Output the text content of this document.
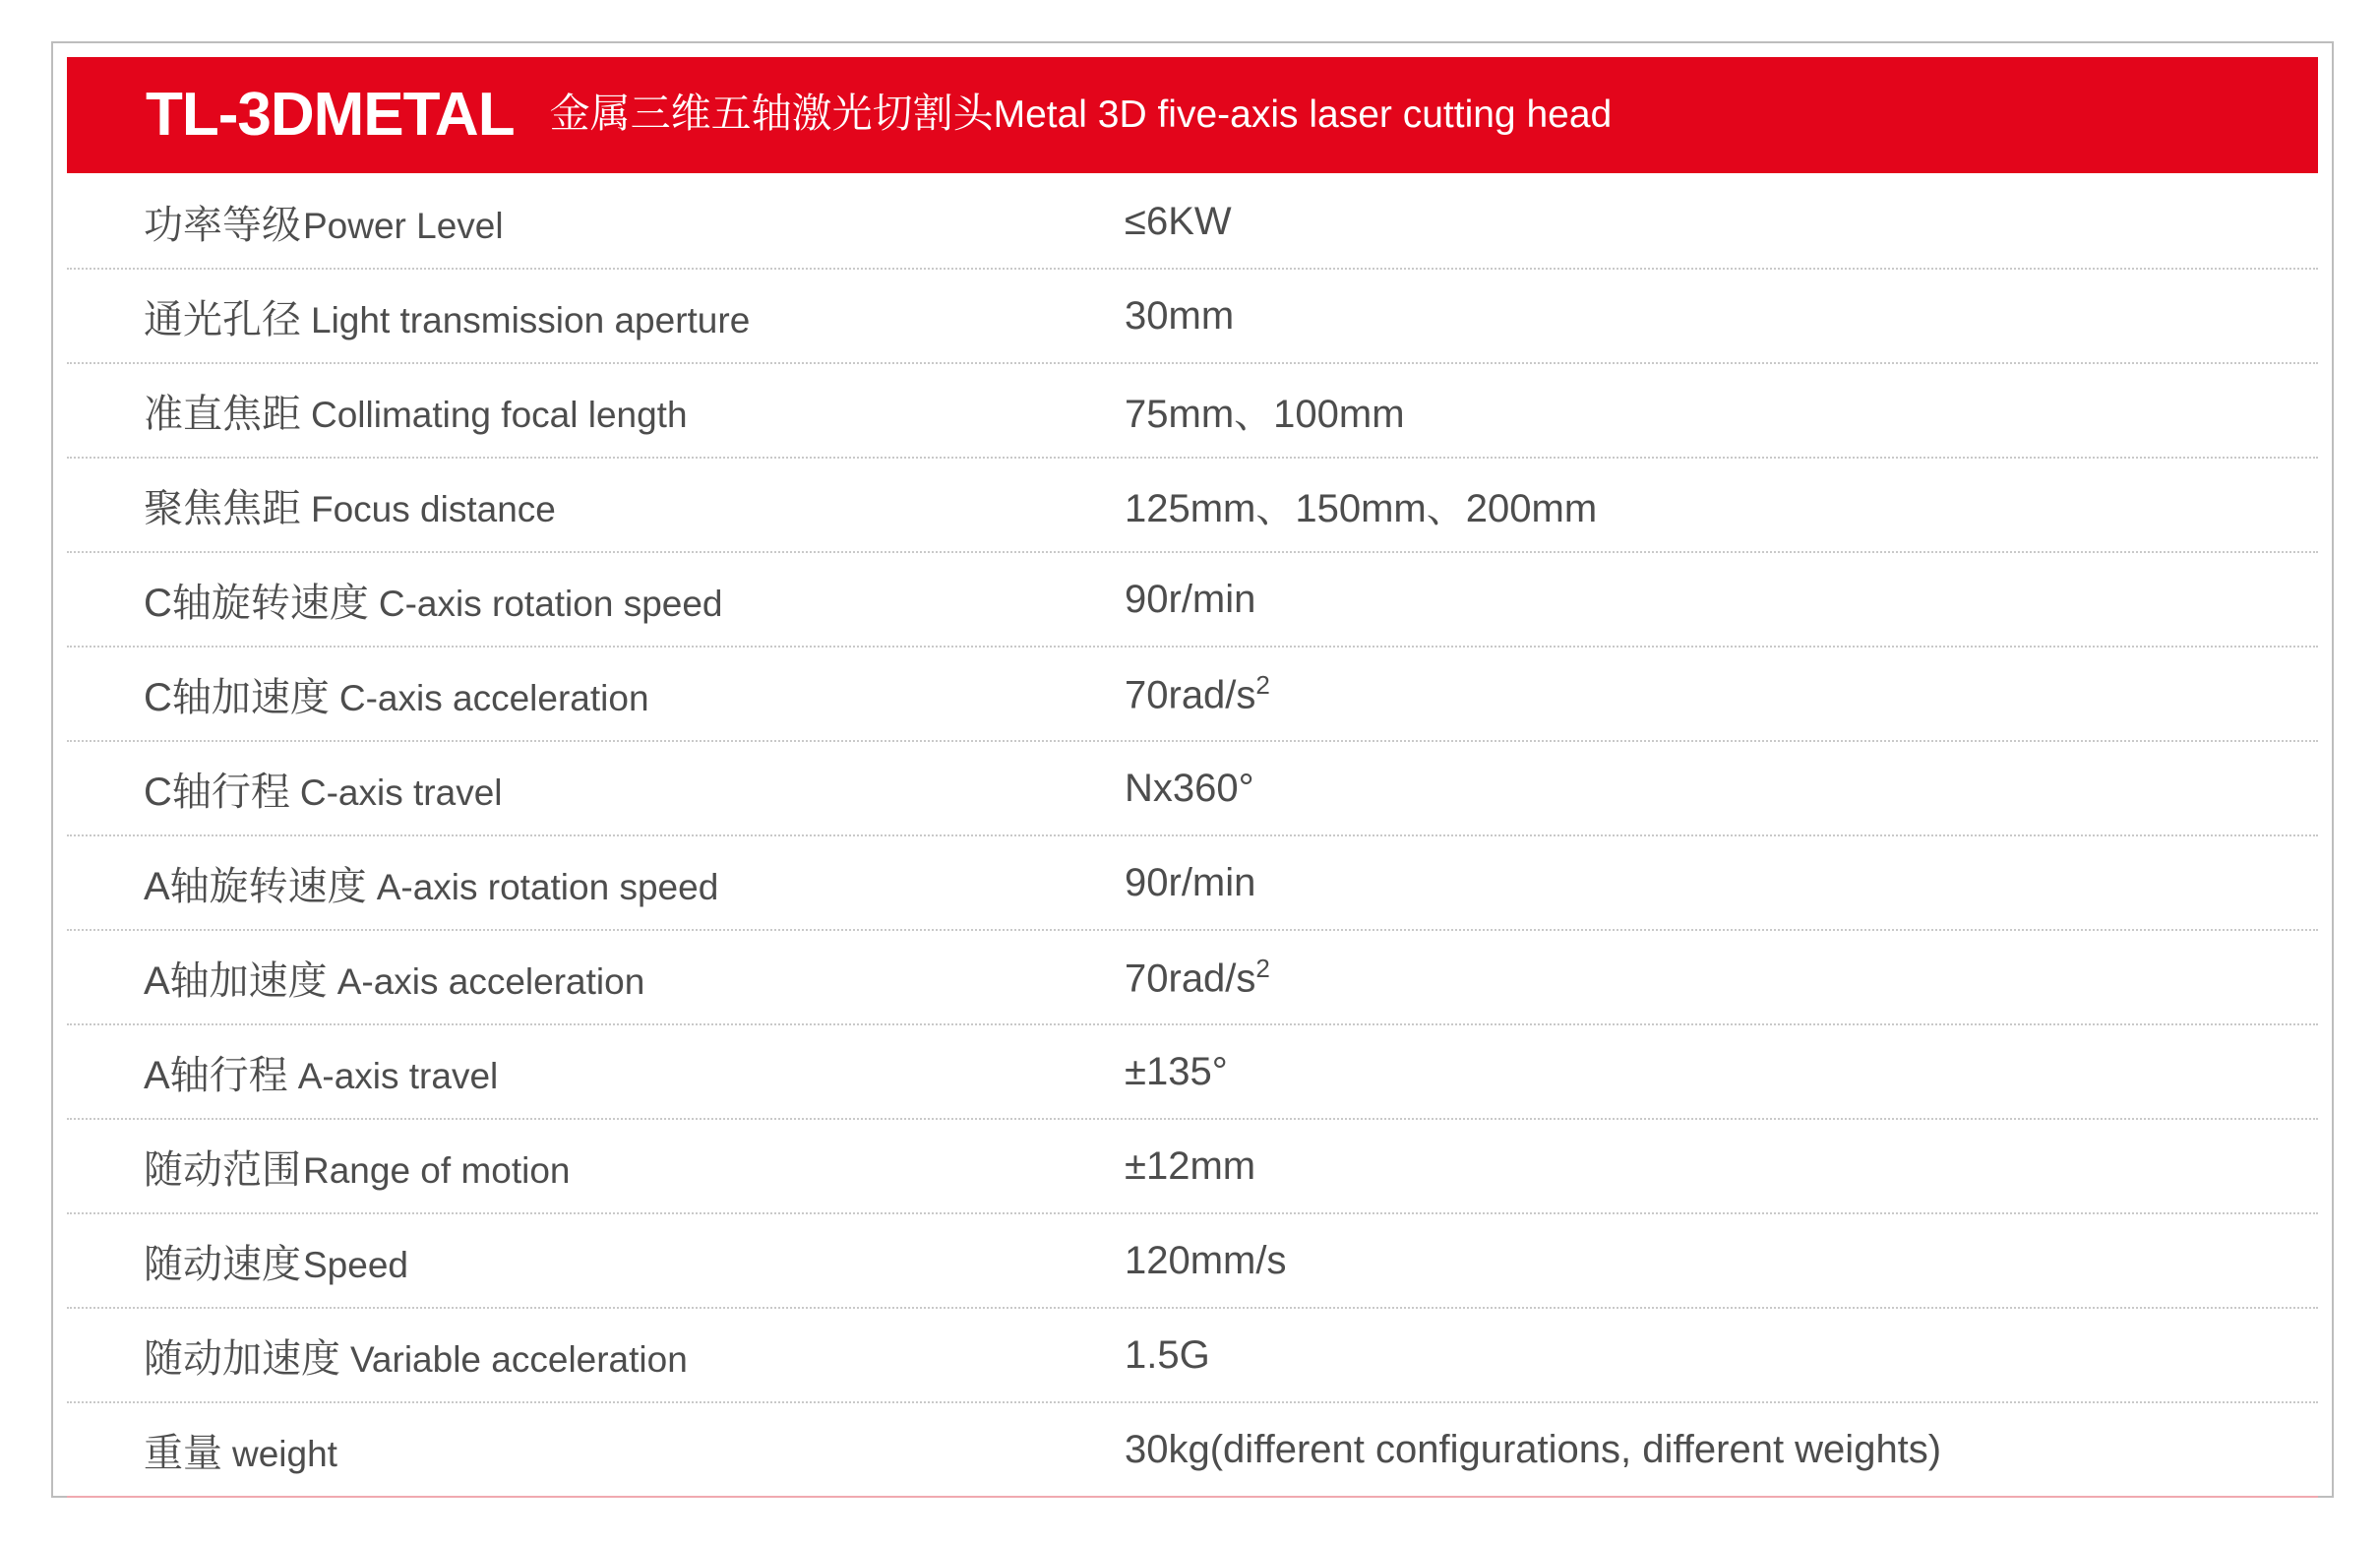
TL-3DMETAL 金属三维五轴激光切割头Metal 3D five-axis laser cutting head
功率等级 Power Level	≤6KW
通光孔径 Light transmission aperture	30mm
准直焦距 Collimating focal length	75mm、100mm
聚焦焦距 Focus distance	125mm、150mm、200mm
C轴旋转速度 C-axis rotation speed	90r/min
C轴加速度 C-axis acceleration	$70rad/s^2$
C轴行程 C-axis travel	Nx360°
A轴旋转速度 A-axis rotation speed	90r/min
A轴加速度 A-axis acceleration	$70rad/s^2$
A轴行程 A-axis travel	±135°
随动范围 Range of motion	±12mm
随动速度 Speed	120mm/s
随动加速度 Variable acceleration	1.5G
重量 weight	30kg(different configurations, different weights)
